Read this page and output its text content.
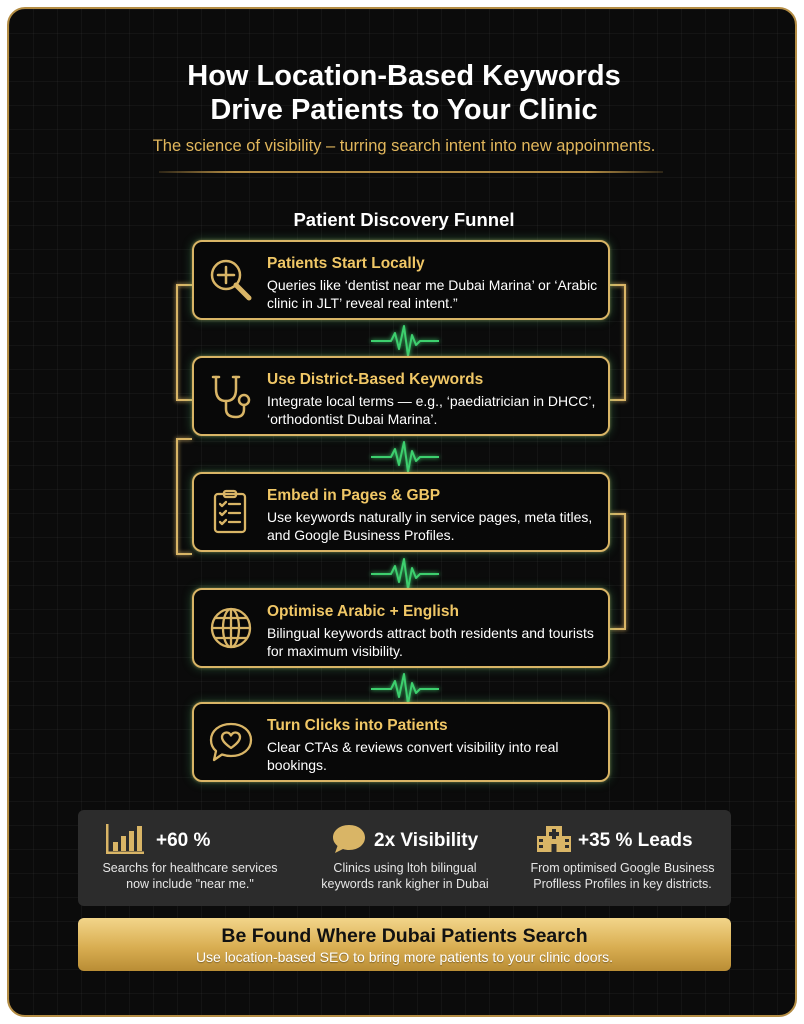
How Location-Based Keywords
Drive Patients to Your Clinic
The science of visibility – turring search intent into new appoinments.
Patient Discovery Funnel
Patients Start Locally
Queries like ‘dentist near me Dubai Marina’ or ‘Arabic clinic in JLT’ reveal real intent.”
Use District-Based Keywords
Integrate local terms — e.g., ‘paediatrician in DHCC’, ‘orthodontist Dubai Marina’.
Embed in Pages & GBP
Use keywords naturally in service pages, meta titles, and Google Business Profiles.
Optimise Arabic + English
Bilingual keywords attract both residents and tourists for maximum visibility.
Turn Clicks into Patients
Clear CTAs & reviews convert visibility into real bookings.
+60 %
Searchs for healthcare services
now include "near me."
2x Visibility
Clinics using ltoh bilingual
keywords rank kigher in Dubai
+35 % Leads
From optimised Google Business
Proflless Profiles in key districts.
Be Found Where Dubai Patients Search
Use location-based SEO to bring more patients to your clinic doors.
